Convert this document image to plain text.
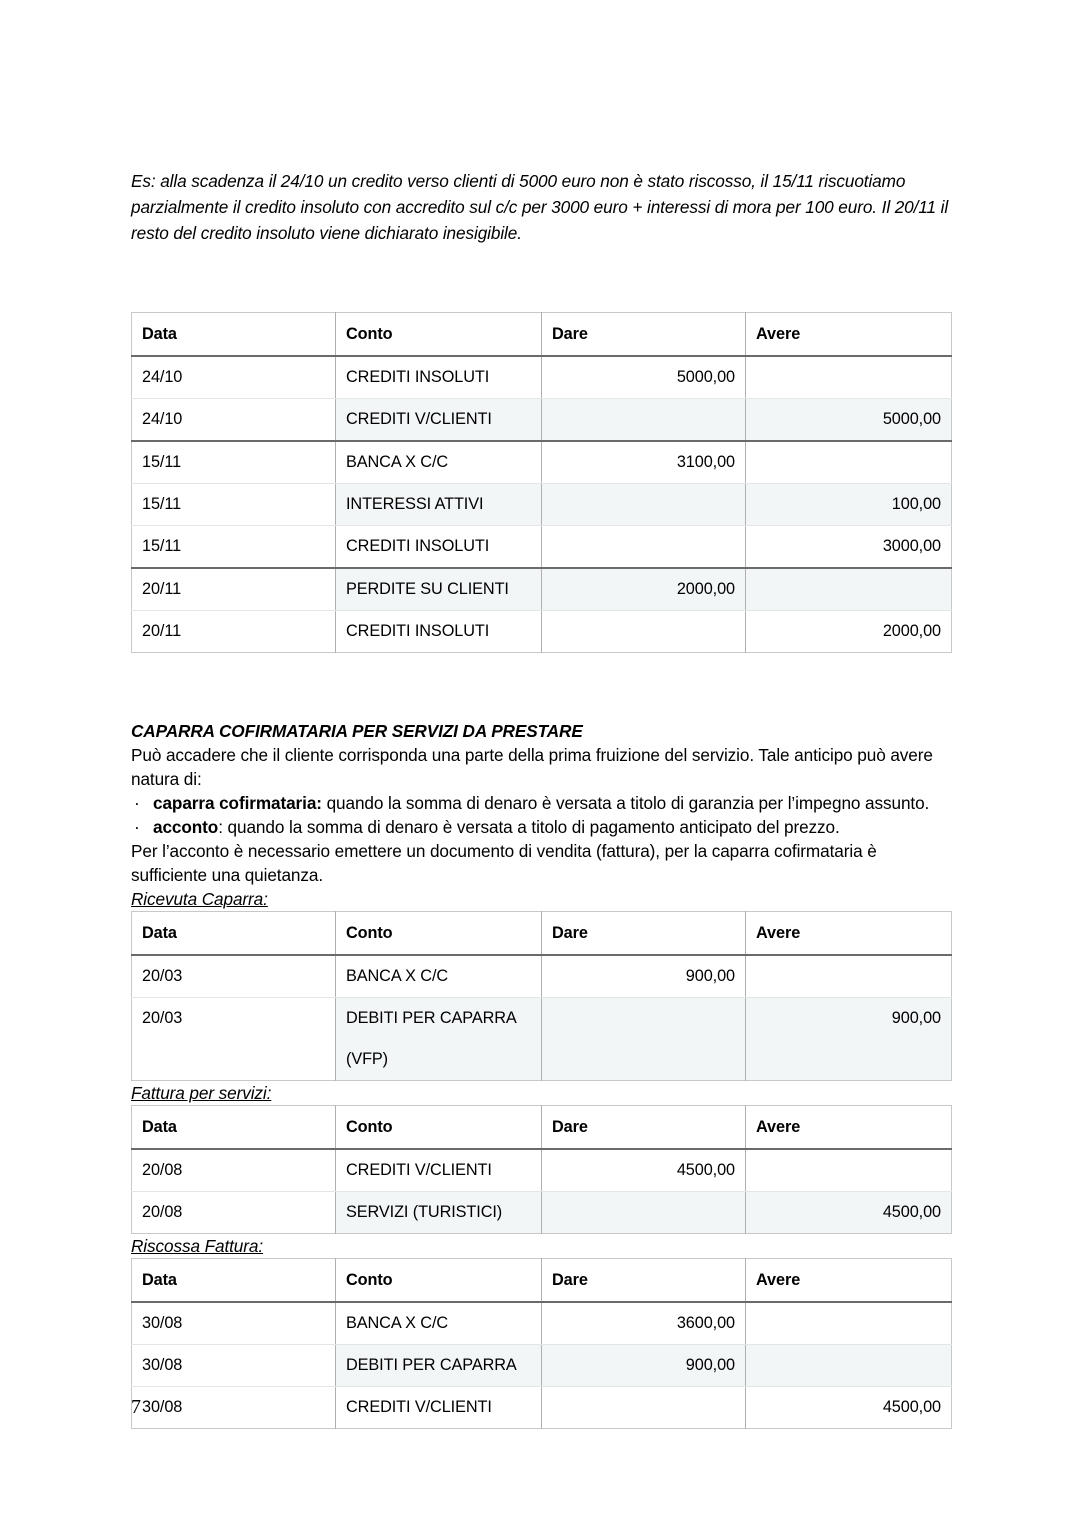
Es: alla scadenza il 24/10 un credito verso clienti di 5000 euro non è stato riscosso, il 15/11 riscuotiamo parzialmente il credito insoluto con accredito sul c/c per 3000 euro + interessi di mora per 100 euro. Il 20/11 il resto del credito insoluto viene dichiarato inesigibile.

Data	Conto	Dare	Avere
24/10	CREDITI INSOLUTI	5000,00	
24/10	CREDITI V/CLIENTI		5000,00
15/11	BANCA X C/C	3100,00	
15/11	INTERESSI ATTIVI		100,00
15/11	CREDITI INSOLUTI		3000,00
20/11	PERDITE SU CLIENTI	2000,00	
20/11	CREDITI INSOLUTI		2000,00

CAPARRA COFIRMATARIA PER SERVIZI DA PRESTARE

Può accadere che il cliente corrisponda una parte della prima fruizione del servizio. Tale anticipo può avere natura di:

· caparra cofirmataria: quando la somma di denaro è versata a titolo di garanzia per l’impegno assunto.

· acconto: quando la somma di denaro è versata a titolo di pagamento anticipato del prezzo.

Per l’acconto è necessario emettere un documento di vendita (fattura), per la caparra cofirmataria è sufficiente una quietanza.

Ricevuta Caparra:
Data	Conto	Dare	Avere
20/03	BANCA X C/C	900,00	
20/03	DEBITI PER CAPARRA (VFP)		900,00
Fattura per servizi:
Data	Conto	Dare	Avere
20/08	CREDITI V/CLIENTI	4500,00	
20/08	SERVIZI (TURISTICI)		4500,00
Riscossa Fattura:
Data	Conto	Dare	Avere
30/08	BANCA X C/C	3600,00	
30/08	DEBITI PER CAPARRA	900,00	
30/08	CREDITI V/CLIENTI		4500,00
7
